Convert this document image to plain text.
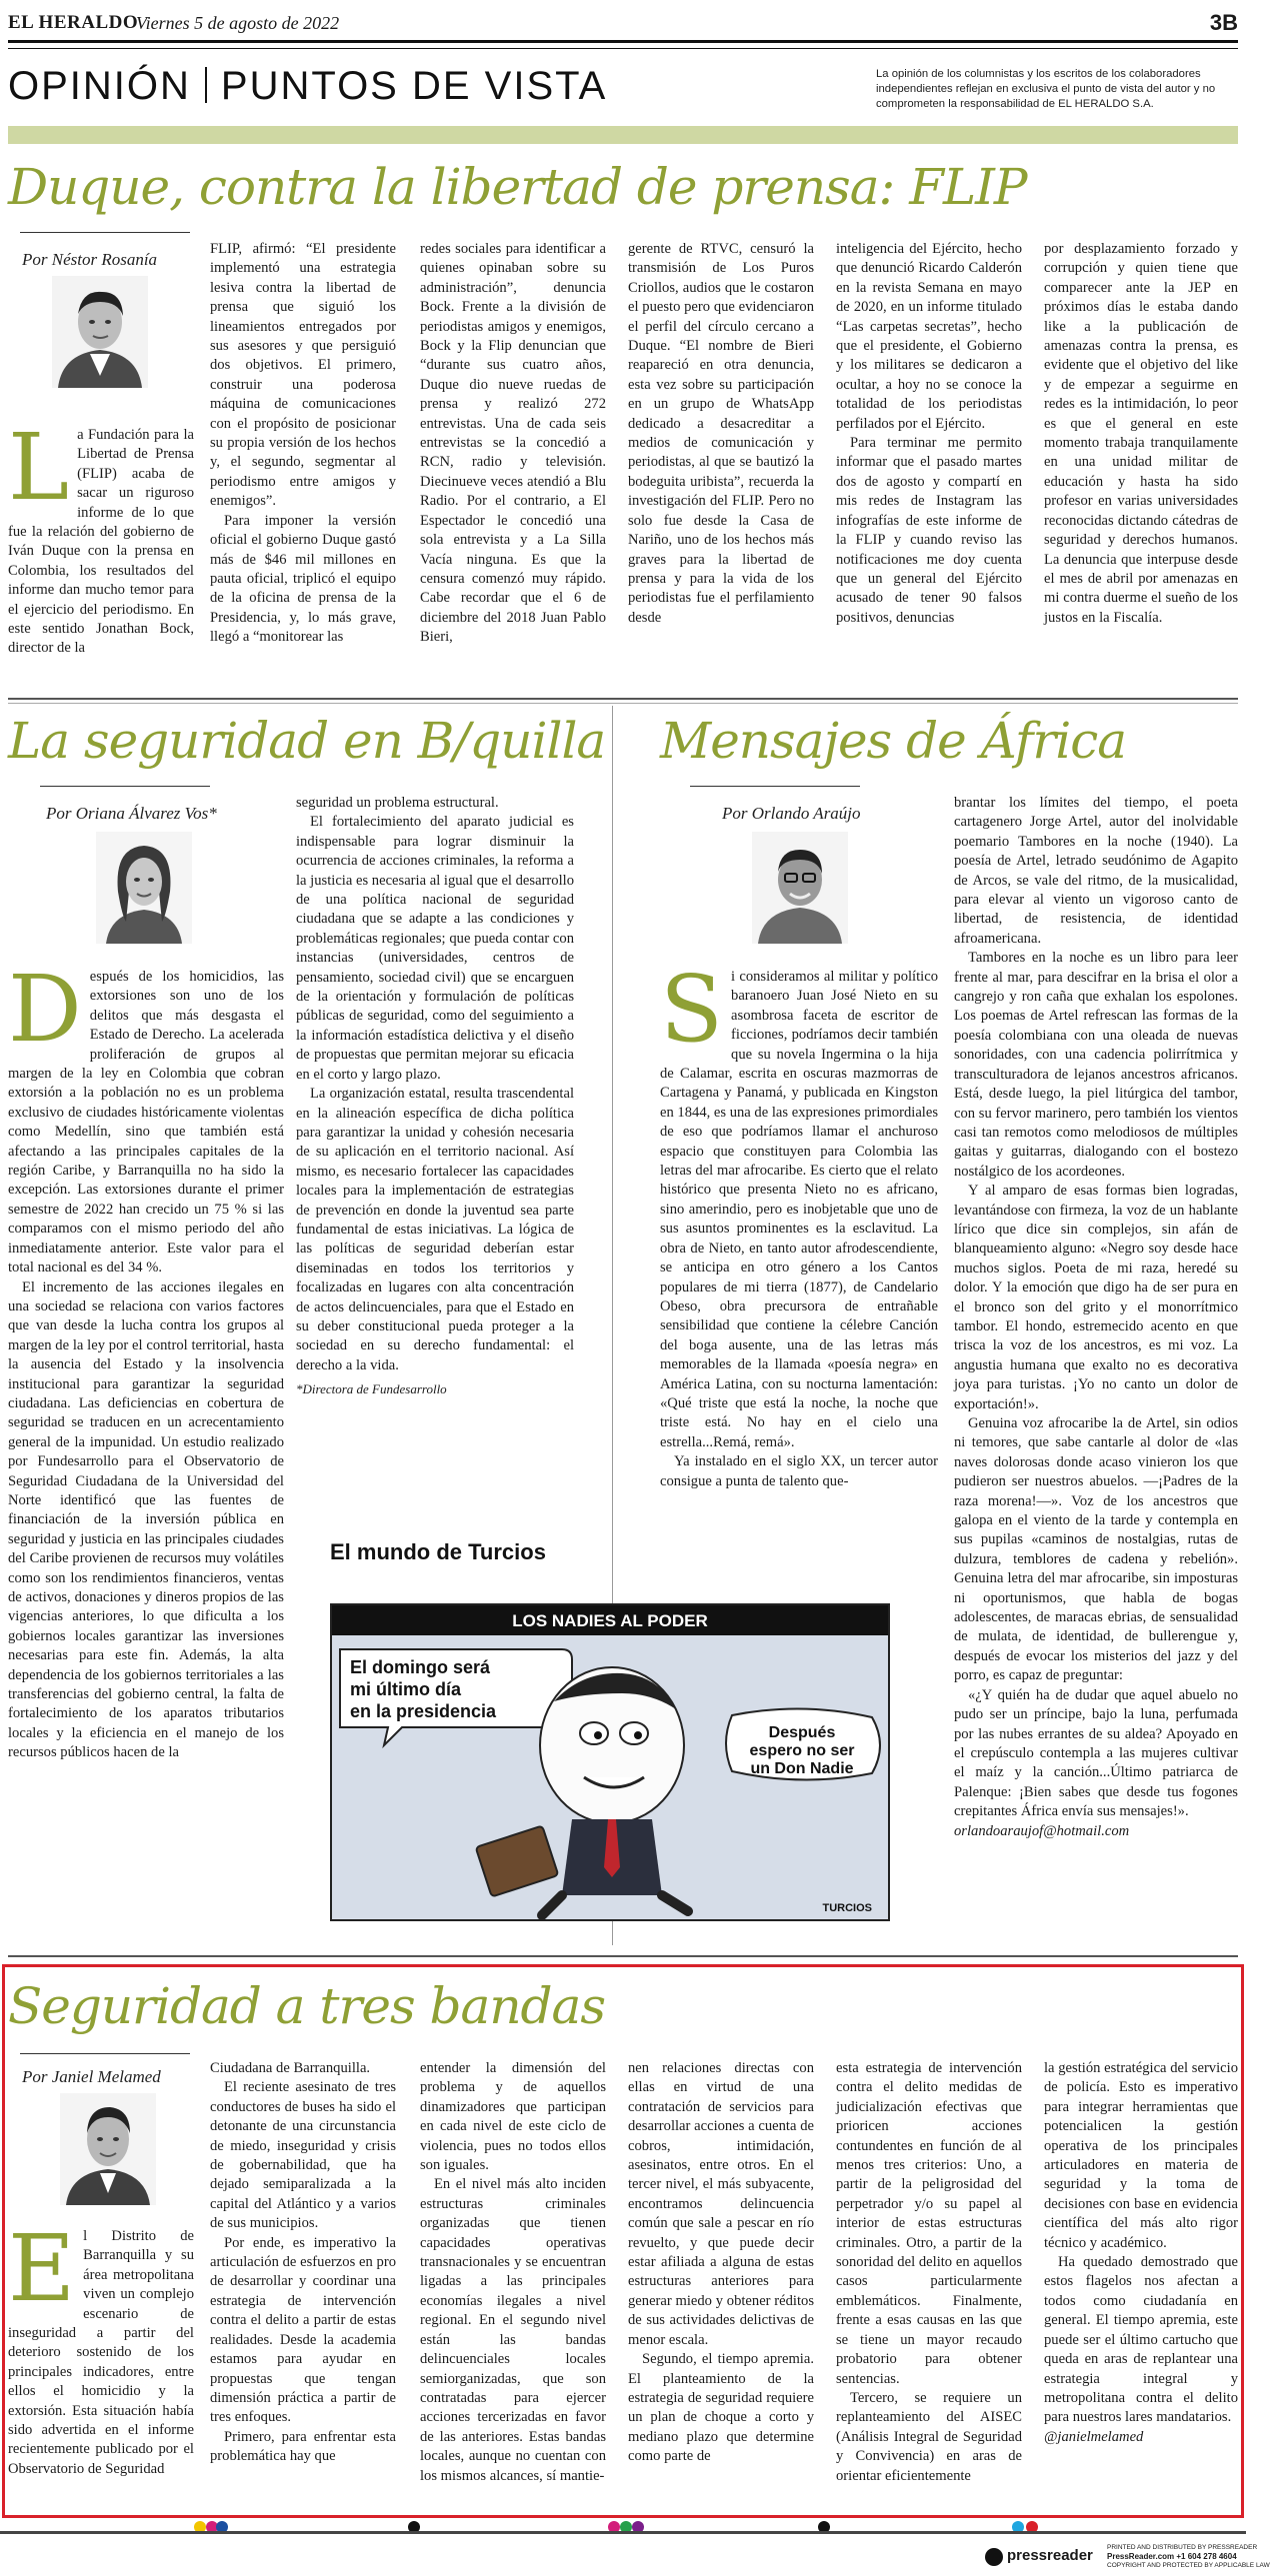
EL HERALDO
Viernes 5 de agosto de 2022	3B
OPINIÓN PUNTOS DE VISTA	La opinión de los columnistas y los escritos de los colaboradores independientes reflejan en exclusiva el punto de vista del autor y no comprometen la responsabilidad de EL HERALDO S.A.
Duque, contra la libertad de prensa: FLIP
Por Néstor Rosanía
La Fundación para la Libertad de Prensa (FLIP) acaba de sacar un riguroso informe de lo que fue la relación del gobierno de Iván Duque con la prensa en Colombia, los resultados del informe dan mucho temor para el ejercicio del periodismo. En este sentido Jonathan Bock, director de la

FLIP, afirmó: “El presidente implementó una estrategia lesiva contra la libertad de prensa que siguió los lineamientos entregados por sus asesores y que persiguió dos objetivos. El primero, construir una poderosa máquina de comunicaciones con el propósito de posicionar su propia versión de los hechos y, el segundo, segmentar al periodismo entre amigos y enemigos”.

Para imponer la versión oficial el gobierno Duque gastó más de $46 mil millones en pauta oficial, triplicó el equipo de la oficina de prensa de la Presidencia, y, lo más grave, llegó a “monitorear las

redes sociales para identificar a quienes opinaban sobre su administración”, denuncia Bock. Frente a la división de periodistas amigos y enemigos, Bock y la Flip denuncian que “durante sus cuatro años, Duque dio nueve ruedas de prensa y realizó 272 entrevistas. Una de cada seis entrevistas se la concedió a RCN, radio y televisión. Diecinueve veces atendió a Blu Radio. Por el contrario, a El Espectador le concedió una sola entrevista y a La Silla Vacía ninguna. Es que la censura comenzó muy rápido. Cabe recordar que el 6 de diciembre del 2018 Juan Pablo Bieri,

gerente de RTVC, censuró la transmisión de Los Puros Criollos, audios que le costaron el puesto pero que evidenciaron el perfil del círculo cercano a Duque. “El nombre de Bieri reapareció en otra denuncia, esta vez sobre su participación en un grupo de WhatsApp dedicado a desacreditar a medios de comunicación y periodistas, al que se bautizó la bodeguita uribista”, recuerda la investigación del FLIP. Pero no solo fue desde la Casa de Nariño, uno de los hechos más graves para la libertad de prensa y para la vida de los periodistas fue el perfilamiento desde

inteligencia del Ejército, hecho que denunció Ricardo Calderón en la revista Semana en mayo de 2020, en un informe titulado “Las carpetas secretas”, hecho que el presidente, el Gobierno y los militares se dedicaron a ocultar, a hoy no se conoce la totalidad de los periodistas perfilados por el Ejército.

Para terminar me permito informar que el pasado martes dos de agosto y compartí en mis redes de Instagram las infografías de este informe de la FLIP y cuando reviso las notificaciones me doy cuenta que un general del Ejército acusado de tener 90 falsos positivos, denuncias

por desplazamiento forzado y corrupción y quien tiene que comparecer ante la JEP en próximos días le estaba dando like a la publicación de amenazas contra la prensa, es evidente que el objetivo del like y de empezar a seguirme en redes es la intimidación, lo peor es que el general en este momento trabaja tranquilamente en una unidad militar de educación y hasta ha sido profesor en varias universidades reconocidas dictando cátedras de seguridad y derechos humanos. La denuncia que interpuse desde el mes de abril por amenazas en mi contra duerme el sueño de los justos en la Fiscalía.

La seguridad en B/quilla
Por Oriana Álvarez Vos*
Después de los homicidios, las extorsiones son uno de los delitos que más desgasta el Estado de Derecho. La acelerada proliferación de grupos al margen de la ley en Colombia que cobran extorsión a la población no es un problema exclusivo de ciudades históricamente violentas como Medellín, sino que también está afectando a las principales capitales de la región Caribe, y Barranquilla no ha sido la excepción. Las extorsiones durante el primer semestre de 2022 han crecido un 75 % si las comparamos con el mismo periodo del año inmediatamente anterior. Este valor para el total nacional es del 34 %.

El incremento de las acciones ilegales en una sociedad se relaciona con varios factores que van desde la lucha contra los grupos al margen de la ley por el control territorial, hasta la ausencia del Estado y la insolvencia institucional para garantizar la seguridad ciudadana. Las deficiencias en cobertura de seguridad se traducen en un acrecentamiento general de la impunidad. Un estudio realizado por Fundesarrollo para el Observatorio de Seguridad Ciudadana de la Universidad del Norte identificó que las fuentes de financiación de la inversión pública en seguridad y justicia en las principales ciudades del Caribe provienen de recursos muy volátiles como son los rendimientos financieros, ventas de activos, donaciones y dineros propios de las vigencias anteriores, lo que dificulta a los gobiernos locales garantizar las inversiones necesarias para este fin. Además, la alta dependencia de los gobiernos territoriales a las transferencias del gobierno central, la falta de fortalecimiento de los aparatos tributarios locales y la eficiencia en el manejo de los recursos públicos hacen de la

seguridad un problema estructural.

El fortalecimiento del aparato judicial es indispensable para lograr disminuir la ocurrencia de acciones criminales, la reforma a la justicia es necesaria al igual que el desarrollo de una política nacional de seguridad ciudadana que se adapte a las condiciones y problemáticas regionales; que pueda contar con instancias (universidades, centros de pensamiento, sociedad civil) que se encarguen de la orientación y formulación de políticas públicas de seguridad, como del seguimiento a la información estadística delictiva y el diseño de propuestas que permitan mejorar su eficacia en el corto y largo plazo.

La organización estatal, resulta trascendental en la alineación específica de dicha política para garantizar la unidad y cohesión necesaria de su aplicación en el territorio nacional. Así mismo, es necesario fortalecer las capacidades locales para la implementación de estrategias de prevención en donde la juventud sea parte fundamental de estas iniciativas. La lógica de las políticas de seguridad deberían estar diseminadas en todos los territorios y focalizadas en lugares con alta concentración de actos delincuenciales, para que el Estado en su deber constitucional pueda proteger a la sociedad en su derecho fundamental: el derecho a la vida.

*Directora de Fundesarrollo

Mensajes de África
Por Orlando Araújo
Si consideramos al militar y político baranoero Juan José Nieto en su asombrosa faceta de escritor de ficciones, podríamos decir también que su novela Ingermina o la hija de Calamar, escrita en oscuras mazmorras de Cartagena y Panamá, y publicada en Kingston en 1844, es una de las expresiones primordiales de eso que podríamos llamar el anchuroso espacio que constituyen para Colombia las letras del mar afrocaribe. Es cierto que el relato histórico que presenta Nieto no es africano, sino amerindio, pero es inobjetable que uno de sus asuntos prominentes es la esclavitud. La obra de Nieto, en tanto autor afrodescendiente, se anticipa en otro género a los Cantos populares de mi tierra (1877), de Candelario Obeso, obra precursora de entrañable sensibilidad que contiene la célebre Canción del boga ausente, una de las letras más memorables de la llamada «poesía negra» en América Latina, con su nocturna lamentación: «Qué triste que está la noche, la noche que triste está. No hay en el cielo una estrella...Remá, remá».

Ya instalado en el siglo XX, un tercer autor consigue a punta de talento que-

brantar los límites del tiempo, el poeta cartagenero Jorge Artel, autor del inolvidable poemario Tambores en la noche (1940). La poesía de Artel, letrado seudónimo de Agapito de Arcos, se vale del ritmo, de la musicalidad, para elevar al viento un vigoroso canto de libertad, de resistencia, de identidad afroamericana.

Tambores en la noche es un libro para leer frente al mar, para descifrar en la brisa el olor a cangrejo y ron caña que exhalan los espolones. Los poemas de Artel refrescan las formas de la poesía colombiana con una oleada de nuevas sonoridades, con una cadencia polirrítmica y transculturadora de lejanos ancestros africanos. Está, desde luego, la piel litúrgica del tambor, con su fervor marinero, pero también los vientos casi tan remotos como melodiosos de múltiples gaitas y guitarras, dialogando con el bostezo nostálgico de los acordeones.

Y al amparo de esas formas bien logradas, levantándose con firmeza, la voz de un hablante lírico que dice sin complejos, sin afán de blanqueamiento alguno: «Negro soy desde hace muchos siglos. Poeta de mi raza, heredé su dolor. Y la emoción que digo ha de ser pura en el bronco son del grito y el monorrítmico tambor. El hondo, estremecido acento en que trisca la voz de los ancestros, es mi voz. La angustia humana que exalto no es decorativa joya para turistas. ¡Yo no canto un dolor de exportación!».

Genuina voz afrocaribe la de Artel, sin odios ni temores, que sabe cantarle al dolor de «las naves dolorosas donde acaso vinieron los que pudieron ser nuestros abuelos. —¡Padres de la raza morena!—». Voz de los ancestros que galopa en el viento de la tarde y contempla en sus pupilas «caminos de nostalgias, rutas de dulzura, temblores de cadena y rebelión». Genuina letra del mar afrocaribe, sin imposturas ni oportunismos, que habla de bogas adolescentes, de maracas ebrias, de sensualidad de mulata, de identidad, de bullerengue y, después de evocar los misterios del jazz y del porro, es capaz de preguntar:

«¿Y quién ha de dudar que aquel abuelo no pudo ser un príncipe, bajo la luna, perfumada por las nubes errantes de su aldea? Apoyado en el crepúsculo contempla a las mujeres cultivar el maíz y la canción...Último patriarca de Palenque: ¡Bien sabes que desde tus fogones crepitantes África envía sus mensajes!».

orlandoaraujof@hotmail.com

El mundo de Turcios
LOS NADIES AL PODER
El domingo será
mi último día
en la presidencia
Después
espero no ser
un Don Nadie
TURCIOS
Seguridad a tres bandas
Por Janiel Melamed
El Distrito de Barranquilla y su área metropolitana viven un complejo escenario de inseguridad a partir del deterioro sostenido de los principales indicadores, entre ellos el homicidio y la extorsión. Esta situación había sido advertida en el informe recientemente publicado por el Observatorio de Seguridad

Ciudadana de Barranquilla.

El reciente asesinato de tres conductores de buses ha sido el detonante de una circunstancia de miedo, inseguridad y crisis de gobernabilidad, que ha dejado semiparalizada a la capital del Atlántico y a varios de sus municipios.

Por ende, es imperativo la articulación de esfuerzos en pro de desarrollar y coordinar una estrategia de intervención contra el delito a partir de estas realidades. Desde la academia estamos para ayudar en propuestas que tengan dimensión práctica a partir de tres enfoques.

Primero, para enfrentar esta problemática hay que

entender la dimensión del problema y de aquellos dinamizadores que participan en cada nivel de este ciclo de violencia, pues no todos ellos son iguales.

En el nivel más alto inciden estructuras criminales organizadas que tienen capacidades operativas transnacionales y se encuentran ligadas a las principales economías ilegales a nivel regional. En el segundo nivel están las bandas delincuenciales locales semiorganizadas, que son contratadas para ejercer acciones tercerizadas en favor de las anteriores. Estas bandas locales, aunque no cuentan con los mismos alcances, sí mantie-

nen relaciones directas con ellas en virtud de una contratación de servicios para desarrollar acciones a cuenta de cobros, intimidación, asesinatos, entre otros. En el tercer nivel, el más subyacente, encontramos delincuencia común que sale a pescar en río revuelto, y que puede decir estar afiliada a alguna de estas estructuras anteriores para generar miedo y obtener réditos de sus actividades delictivas de menor escala.

Segundo, el tiempo apremia. El planteamiento de la estrategia de seguridad requiere un plan de choque a corto y mediano plazo que determine como parte de

esta estrategia de intervención contra el delito medidas de judicialización efectivas que prioricen acciones contundentes en función de al menos tres criterios: Uno, a partir de la peligrosidad del perpetrador y/o su papel al interior de estas estructuras criminales. Otro, a partir de la sonoridad del delito en aquellos casos particularmente emblemáticos. Finalmente, frente a esas causas en las que se tiene un mayor recaudo probatorio para obtener sentencias.

Tercero, se requiere un replanteamiento del AISEC (Análisis Integral de Seguridad y Convivencia) en aras de orientar eficientemente

la gestión estratégica del servicio de policía. Esto es imperativo para integrar herramientas que potencialicen la gestión operativa de los principales articuladores en materia de seguridad y la toma de decisiones con base en evidencia científica del más alto rigor técnico y académico.

Ha quedado demostrado que estos flagelos nos afectan a todos como ciudadanía en general. El tiempo apremia, este puede ser el último cartucho que queda en aras de replantear una estrategia integral y metropolitana contra el delito para nuestros lares mandatarios.

@janielmelamed

pressreader PRINTED AND DISTRIBUTED BY PRESSREADER
PressReader.com +1 604 278 4604
COPYRIGHT AND PROTECTED BY APPLICABLE LAW
